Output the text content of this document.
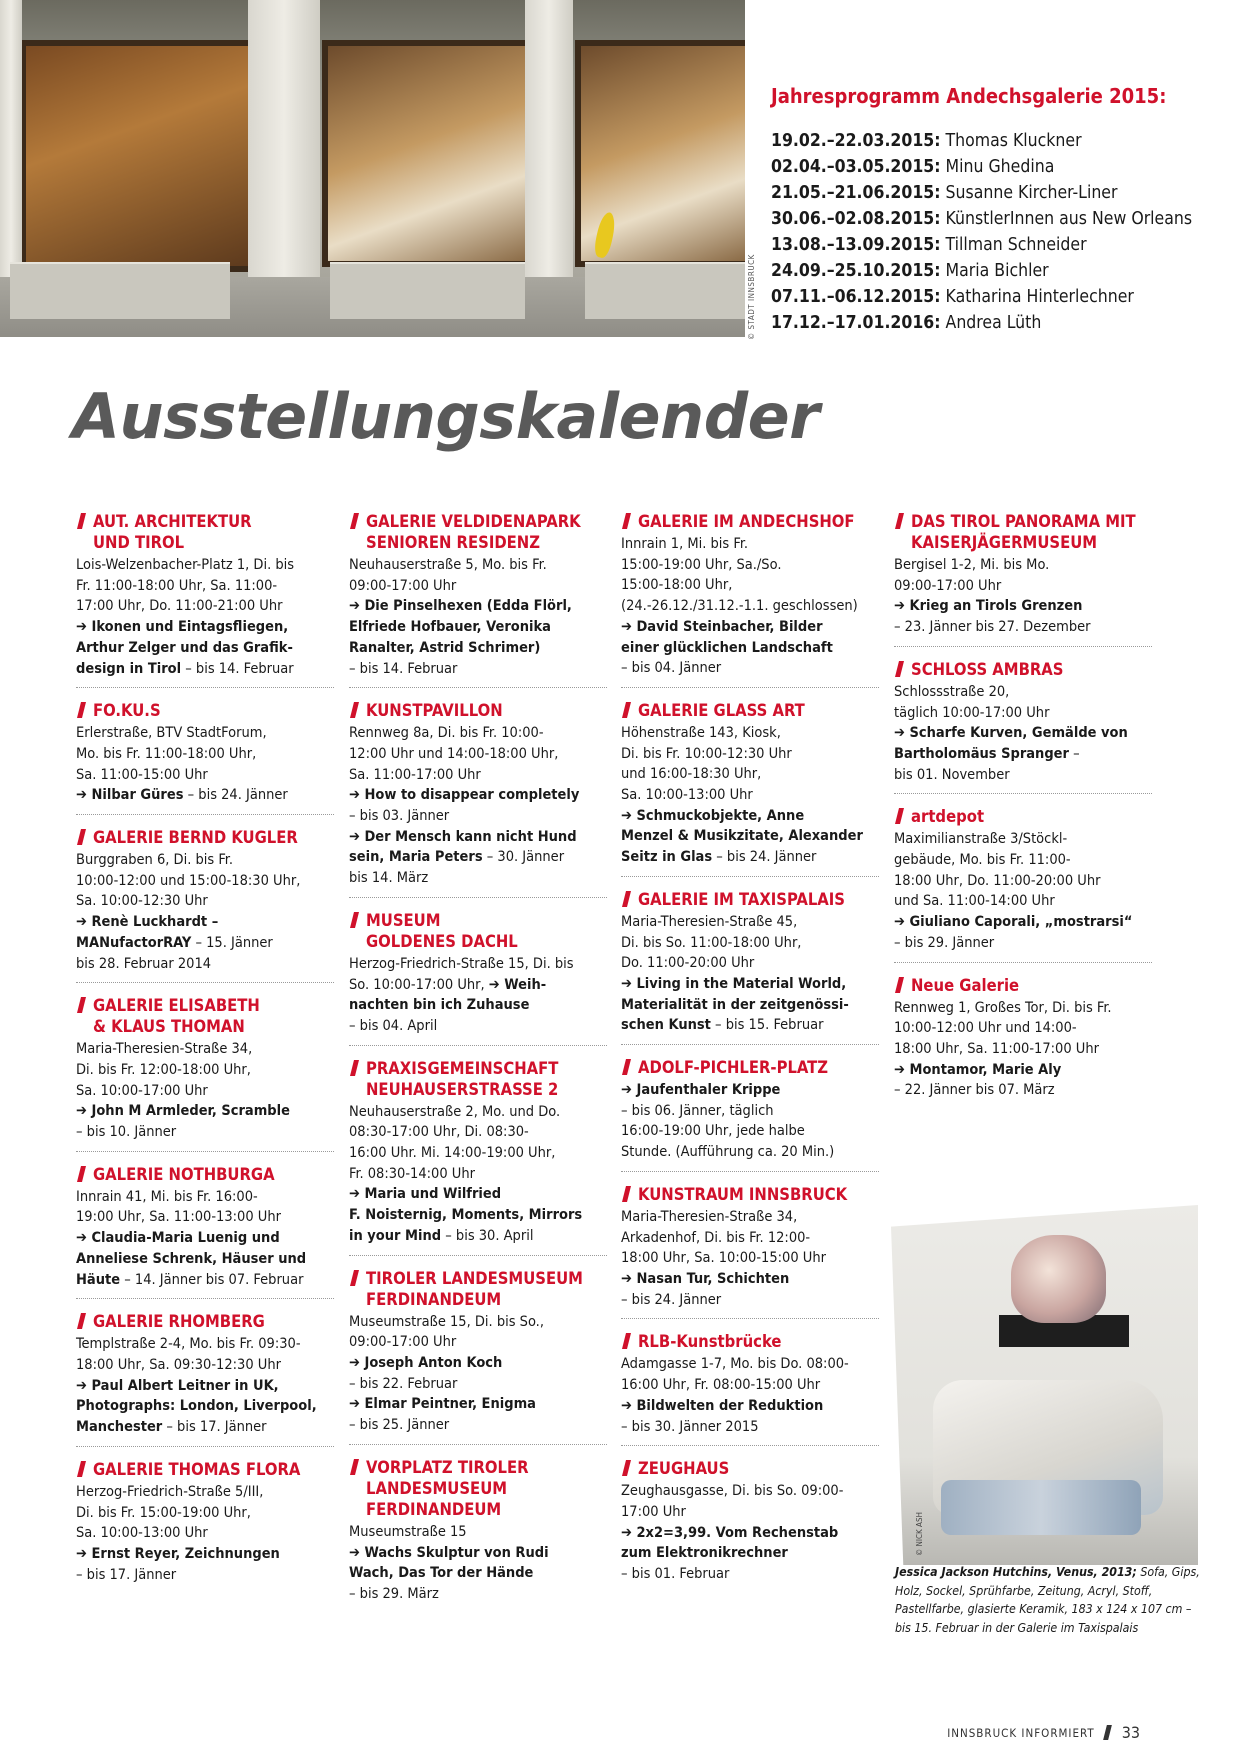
© STADT INNSBRUCK
Jahresprogramm Andechsgalerie 2015:
19.02.–22.03.2015: Thomas Kluckner
02.04.–03.05.2015: Minu Ghedina
21.05.–21.06.2015: Susanne Kircher-Liner
30.06.–02.08.2015: KünstlerInnen aus New Orleans
13.08.–13.09.2015: Tillman Schneider
24.09.–25.10.2015: Maria Bichler
07.11.–06.12.2015: Katharina Hinterlechner
17.12.–17.01.2016: Andrea Lüth
Ausstellungskalender
AUT. ARCHITEKTUR
UND TIROL

Lois-Welzenbacher-Platz 1, Di. bis

Fr. 11:00-18:00 Uhr, Sa. 11:00-

17:00 Uhr, Do. 11:00-21:00 Uhr

➔ Ikonen und Eintagsfliegen,

Arthur Zelger und das Grafik-

design in Tirol – bis 14. Februar

FO.KU.S

Erlerstraße, BTV StadtForum,

Mo. bis Fr. 11:00-18:00 Uhr,

Sa. 11:00-15:00 Uhr

➔ Nilbar Güres – bis 24. Jänner

GALERIE BERND KUGLER

Burggraben 6, Di. bis Fr.

10:00-12:00 und 15:00-18:30 Uhr,

Sa. 10:00-12:30 Uhr

➔ Renè Luckhardt –

MANufactorRAY – 15. Jänner

bis 28. Februar 2014

GALERIE ELISABETH
& KLAUS THOMAN

Maria-Theresien-Straße 34,

Di. bis Fr. 12:00-18:00 Uhr,

Sa. 10:00-17:00 Uhr

➔ John M Armleder, Scramble

– bis 10. Jänner

GALERIE NOTHBURGA

Innrain 41, Mi. bis Fr. 16:00-

19:00 Uhr, Sa. 11:00-13:00 Uhr

➔ Claudia-Maria Luenig und

Anneliese Schrenk, Häuser und

Häute – 14. Jänner bis 07. Februar

GALERIE RHOMBERG

Templstraße 2-4, Mo. bis Fr. 09:30-

18:00 Uhr, Sa. 09:30-12:30 Uhr

➔ Paul Albert Leitner in UK,

Photographs: London, Liverpool,

Manchester – bis 17. Jänner

GALERIE THOMAS FLORA

Herzog-Friedrich-Straße 5/III,

Di. bis Fr. 15:00-19:00 Uhr,

Sa. 10:00-13:00 Uhr

➔ Ernst Reyer, Zeichnungen

– bis 17. Jänner

GALERIE VELDIDENAPARK
SENIOREN RESIDENZ

Neuhauserstraße 5, Mo. bis Fr.

09:00-17:00 Uhr

➔ Die Pinselhexen (Edda Flörl,

Elfriede Hofbauer, Veronika

Ranalter, Astrid Schrimer)

– bis 14. Februar

KUNSTPAVILLON

Rennweg 8a, Di. bis Fr. 10:00-

12:00 Uhr und 14:00-18:00 Uhr,

Sa. 11:00-17:00 Uhr

➔ How to disappear completely

– bis 03. Jänner

➔ Der Mensch kann nicht Hund

sein, Maria Peters – 30. Jänner

bis 14. März

MUSEUM
GOLDENES DACHL

Herzog-Friedrich-Straße 15, Di. bis

So. 10:00-17:00 Uhr, ➔ Weih-

nachten bin ich Zuhause

– bis 04. April

PRAXISGEMEINSCHAFT
NEUHAUSERSTRASSE 2

Neuhauserstraße 2, Mo. und Do.

08:30-17:00 Uhr, Di. 08:30-

16:00 Uhr. Mi. 14:00-19:00 Uhr,

Fr. 08:30-14:00 Uhr

➔ Maria und Wilfried

F. Noisternig, Moments, Mirrors

in your Mind – bis 30. April

TIROLER LANDESMUSEUM
FERDINANDEUM

Museumstraße 15, Di. bis So.,

09:00-17:00 Uhr

➔ Joseph Anton Koch

– bis 22. Februar

➔ Elmar Peintner, Enigma

– bis 25. Jänner

VORPLATZ TIROLER
LANDESMUSEUM
FERDINANDEUM

Museumstraße 15

➔ Wachs Skulptur von Rudi

Wach, Das Tor der Hände

– bis 29. März

GALERIE IM ANDECHSHOF

Innrain 1, Mi. bis Fr.

15:00-19:00 Uhr, Sa./So.

15:00-18:00 Uhr,

(24.-26.12./31.12.-1.1. geschlossen)

➔ David Steinbacher, Bilder

einer glücklichen Landschaft

– bis 04. Jänner

GALERIE GLASS ART

Höhenstraße 143, Kiosk,

Di. bis Fr. 10:00-12:30 Uhr

und 16:00-18:30 Uhr,

Sa. 10:00-13:00 Uhr

➔ Schmuckobjekte, Anne

Menzel & Musikzitate, Alexander

Seitz in Glas – bis 24. Jänner

GALERIE IM TAXISPALAIS

Maria-Theresien-Straße 45,

Di. bis So. 11:00-18:00 Uhr,

Do. 11:00-20:00 Uhr

➔ Living in the Material World,

Materialität in der zeitgenössi-

schen Kunst – bis 15. Februar

ADOLF-PICHLER-PLATZ

➔ Jaufenthaler Krippe

– bis 06. Jänner, täglich

16:00-19:00 Uhr, jede halbe

Stunde. (Aufführung ca. 20 Min.)

KUNSTRAUM INNSBRUCK

Maria-Theresien-Straße 34,

Arkadenhof, Di. bis Fr. 12:00-

18:00 Uhr, Sa. 10:00-15:00 Uhr

➔ Nasan Tur, Schichten

– bis 24. Jänner

RLB-Kunstbrücke

Adamgasse 1-7, Mo. bis Do. 08:00-

16:00 Uhr, Fr. 08:00-15:00 Uhr

➔ Bildwelten der Reduktion

– bis 30. Jänner 2015

ZEUGHAUS

Zeughausgasse, Di. bis So. 09:00-

17:00 Uhr

➔ 2x2=3,99. Vom Rechenstab

zum Elektronikrechner

– bis 01. Februar

DAS TIROL PANORAMA MIT
KAISERJÄGERMUSEUM

Bergisel 1-2, Mi. bis Mo.

09:00-17:00 Uhr

➔ Krieg an Tirols Grenzen

– 23. Jänner bis 27. Dezember

SCHLOSS AMBRAS

Schlossstraße 20,

täglich 10:00-17:00 Uhr

➔ Scharfe Kurven, Gemälde von

Bartholomäus Spranger –

bis 01. November

artdepot

Maximilianstraße 3/Stöckl-

gebäude, Mo. bis Fr. 11:00-

18:00 Uhr, Do. 11:00-20:00 Uhr

und Sa. 11:00-14:00 Uhr

➔ Giuliano Caporali, „mostrarsi“

– bis 29. Jänner

Neue Galerie

Rennweg 1, Großes Tor, Di. bis Fr.

10:00-12:00 Uhr und 14:00-

18:00 Uhr, Sa. 11:00-17:00 Uhr

➔ Montamor, Marie Aly

– 22. Jänner bis 07. März

© NICK ASH
Jessica Jackson Hutchins, Venus, 2013; Sofa, Gips, Holz, Sockel, Sprühfarbe, Zeitung, Acryl, Stoff, Pastellfarbe, glasierte Keramik, 183 x 124 x 107 cm – bis 15. Februar in der Galerie im Taxispalais
INNSBRUCK INFORMIERT 33
